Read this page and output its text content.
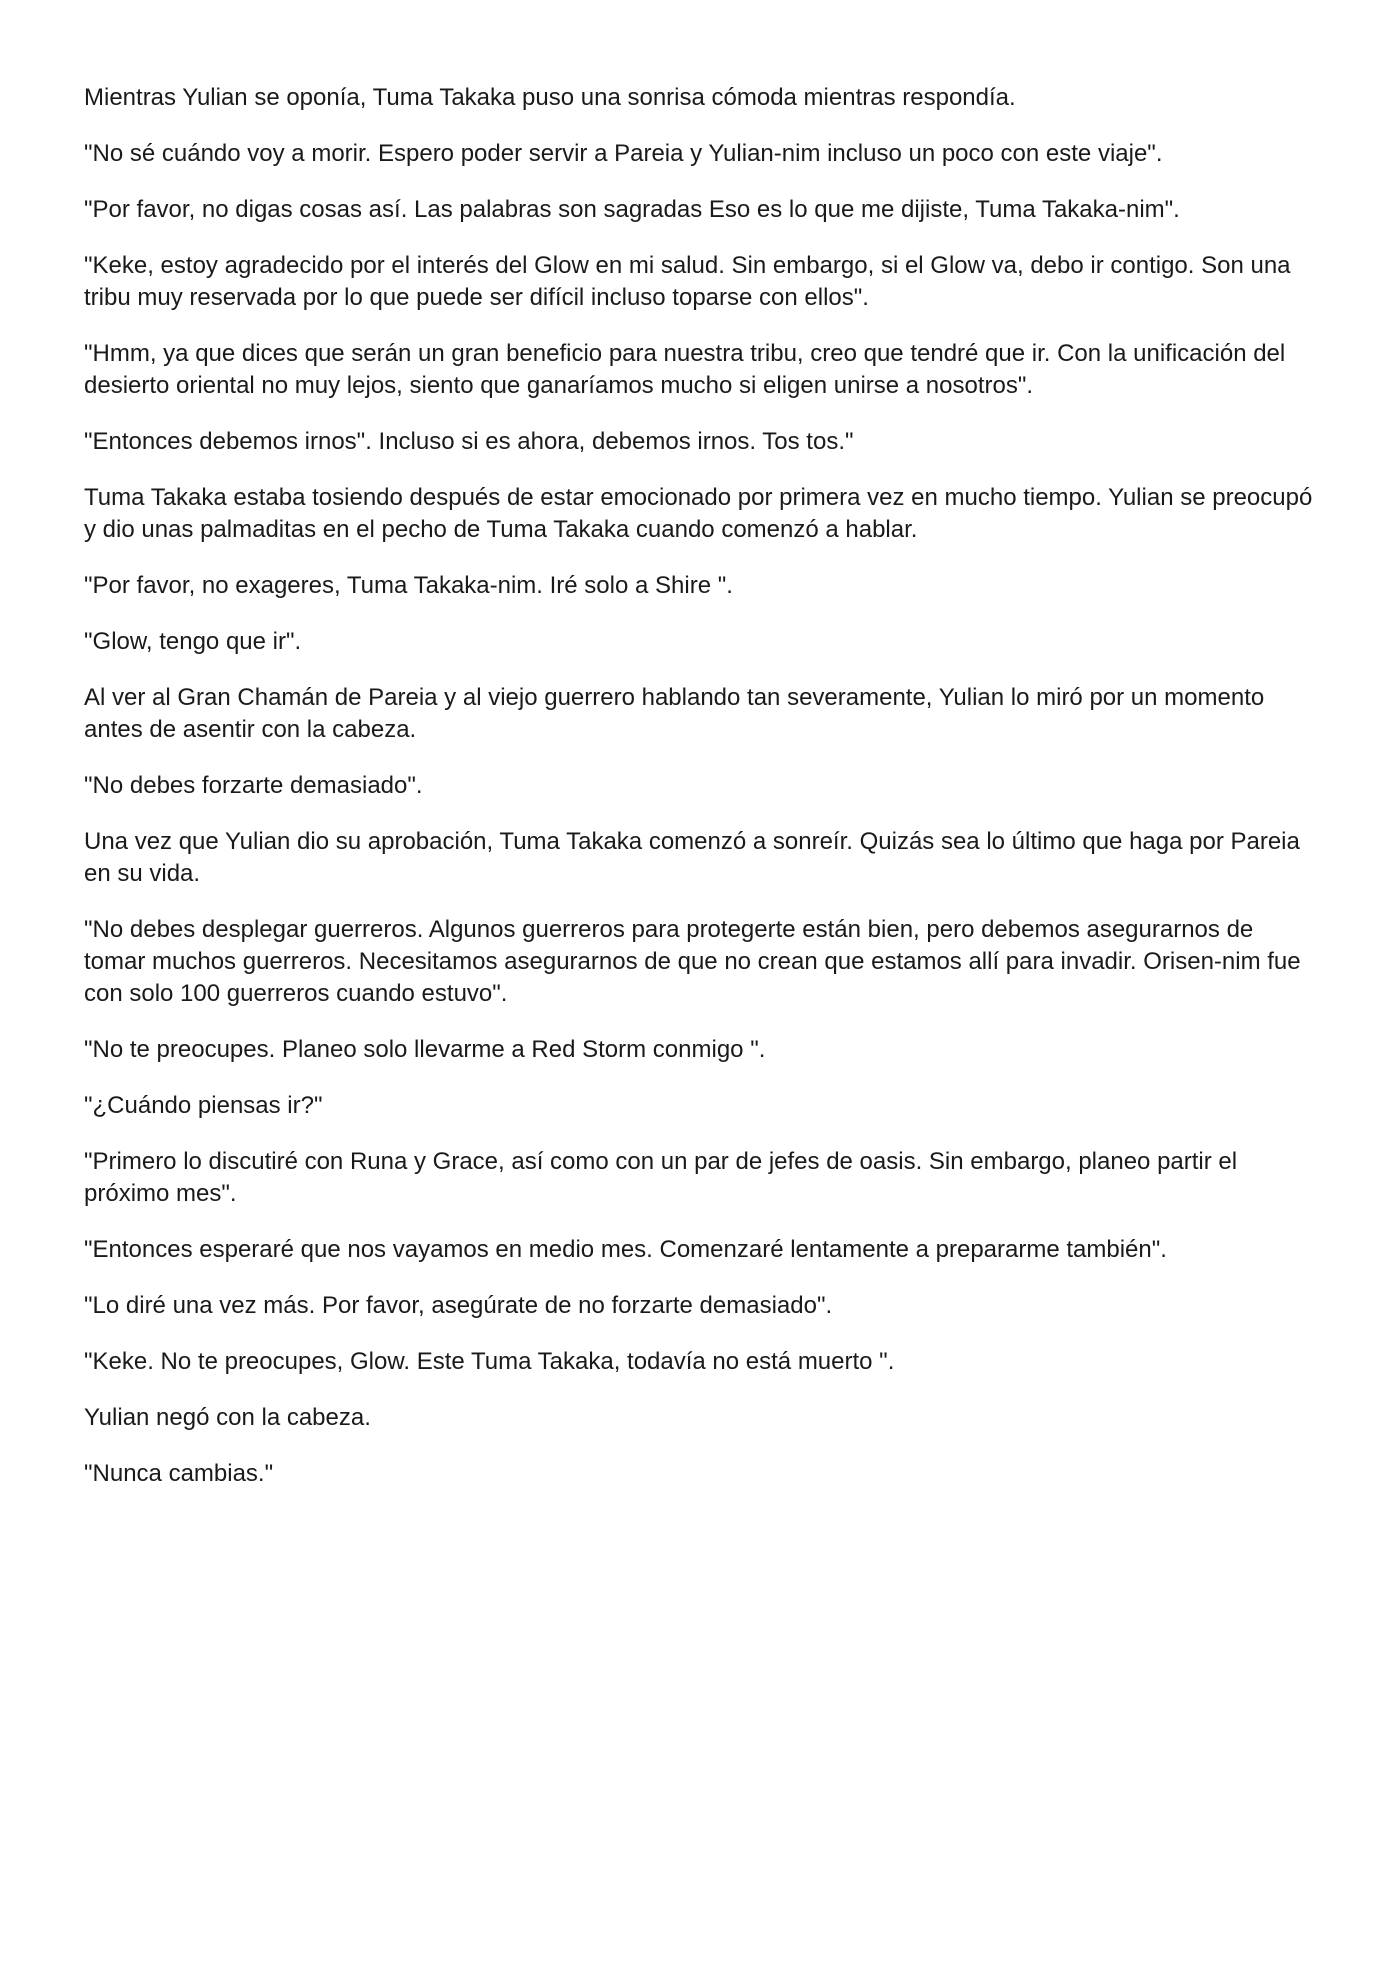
Mientras Yulian se oponía, Tuma Takaka puso una sonrisa cómoda mientras respondía.

"No sé cuándo voy a morir. Espero poder servir a Pareia y Yulian-nim incluso un poco con este viaje".

"Por favor, no digas cosas así. Las palabras son sagradas Eso es lo que me dijiste, Tuma Takaka-nim".

"Keke, estoy agradecido por el interés del Glow en mi salud. Sin embargo, si el Glow va, debo ir contigo. Son una tribu muy reservada por lo que puede ser difícil incluso toparse con ellos".

"Hmm, ya que dices que serán un gran beneficio para nuestra tribu, creo que tendré que ir. Con la unificación del desierto oriental no muy lejos, siento que ganaríamos mucho si eligen unirse a nosotros".

"Entonces debemos irnos". Incluso si es ahora, debemos irnos. Tos tos."

Tuma Takaka estaba tosiendo después de estar emocionado por primera vez en mucho tiempo. Yulian se preocupó y dio unas palmaditas en el pecho de Tuma Takaka cuando comenzó a hablar.

"Por favor, no exageres, Tuma Takaka-nim. Iré solo a Shire ".

"Glow, tengo que ir".

Al ver al Gran Chamán de Pareia y al viejo guerrero hablando tan severamente, Yulian lo miró por un momento antes de asentir con la cabeza.

"No debes forzarte demasiado".

Una vez que Yulian dio su aprobación, Tuma Takaka comenzó a sonreír. Quizás sea lo último que haga por Pareia en su vida.

"No debes desplegar guerreros. Algunos guerreros para protegerte están bien, pero debemos asegurarnos de tomar muchos guerreros. Necesitamos asegurarnos de que no crean que estamos allí para invadir. Orisen-nim fue con solo 100 guerreros cuando estuvo".

"No te preocupes. Planeo solo llevarme a Red Storm conmigo ".

"¿Cuándo piensas ir?"

"Primero lo discutiré con Runa y Grace, así como con un par de jefes de oasis. Sin embargo, planeo partir el próximo mes".

"Entonces esperaré que nos vayamos en medio mes. Comenzaré lentamente a prepararme también".

"Lo diré una vez más. Por favor, asegúrate de no forzarte demasiado".

"Keke. No te preocupes, Glow. Este Tuma Takaka, todavía no está muerto ".

Yulian negó con la cabeza.

"Nunca cambias."
